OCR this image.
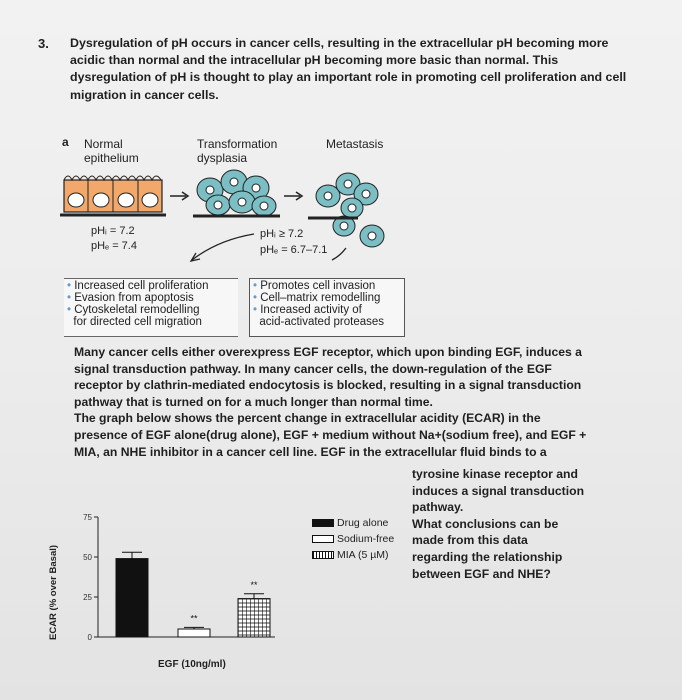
3. Dysregulation of pH occurs in cancer cells, resulting in the extracellular pH becoming more acidic than normal and the intracellular pH becoming more basic than normal. This dysregulation of pH is thought to play an important role in promoting cell proliferation and cell migration in cancer cells.
a Normal
epithelium
Transformation
dysplasia
Metastasis
pHᵢ = 7.2
pHₑ = 7.4
pHᵢ ≥ 7.2
pHₑ = 6.7–7.1
• Increased cell proliferation
• Evasion from apoptosis
• Cytoskeletal remodelling
for directed cell migration
• Promotes cell invasion
• Cell–matrix remodelling
• Increased activity of
acid-activated proteases
Many cancer cells either overexpress EGF receptor, which upon binding EGF, induces a
signal transduction pathway. In many cancer cells, the down-regulation of the EGF
receptor by clathrin-mediated endocytosis is blocked, resulting in a signal transduction
pathway that is turned on for a much longer than normal time.
The graph below shows the percent change in extracellular acidity (ECAR) in the
presence of EGF alone(drug alone), EGF + medium without Na+(sodium free), and EGF +
MIA, an NHE inhibitor in a cancer cell line. EGF in the extracellular fluid binds to a
tyrosine kinase receptor and
induces a signal transduction
pathway.
What conclusions can be
made from this data
regarding the relationship
between EGF and NHE?
ECAR (% over Basal)	0
25
50
75
**
**
EGF (10ng/ml)
Drug alone
Sodium-free
MIA (5 µM)
